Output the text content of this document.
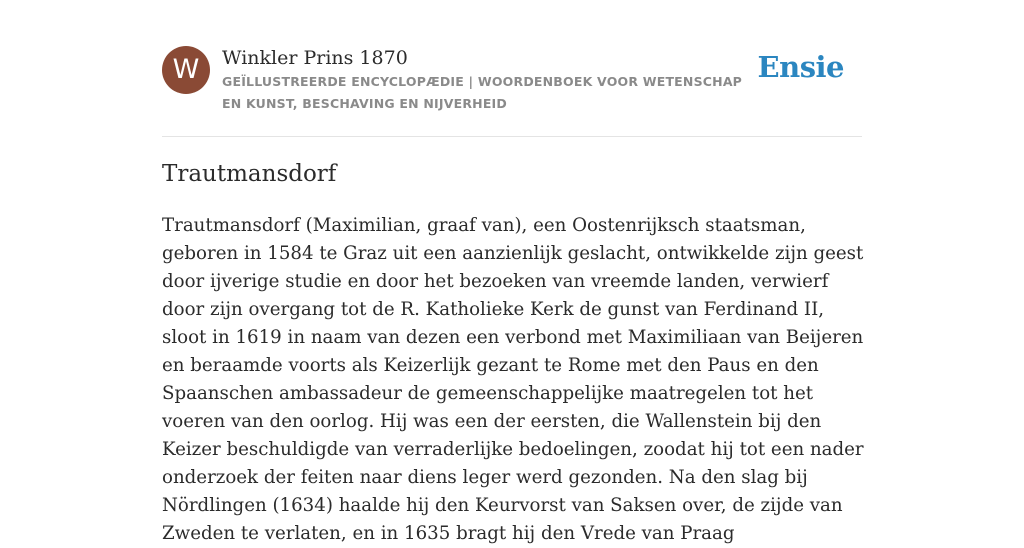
W	Winkler Prins 1870
GEÏLLUSTREERDE ENCYCLOPÆDIE | WOORDENBOEK VOOR WETENSCHAP EN KUNST, BESCHAVING EN NIJVERHEID
Ensie
Trautmansdorf

Trautmansdorf (Maximilian, graaf van), een Oostenrijksch staatsman, geboren in 1584 te Graz uit een aanzienlijk geslacht, ontwikkelde zijn geest door ijverige studie en door het bezoeken van vreemde landen, verwierf door zijn overgang tot de R. Katholieke Kerk de gunst van Ferdinand II, sloot in 1619 in naam van dezen een verbond met Maximiliaan van Beijeren en beraamde voorts als Keizerlijk gezant te Rome met den Paus en den Spaanschen ambassadeur de gemeenschappelijke maatregelen tot het voeren van den oorlog. Hij was een der eersten, die Wallenstein bij den Keizer beschuldigde van verraderlijke bedoelingen, zoodat hij tot een nader onderzoek der feiten naar diens leger werd gezonden. Na den slag bij Nördlingen (1634) haalde hij den Keurvorst van Saksen over, de zijde van Zweden te verlaten, en in 1635 bragt hij den Vrede van Praag
